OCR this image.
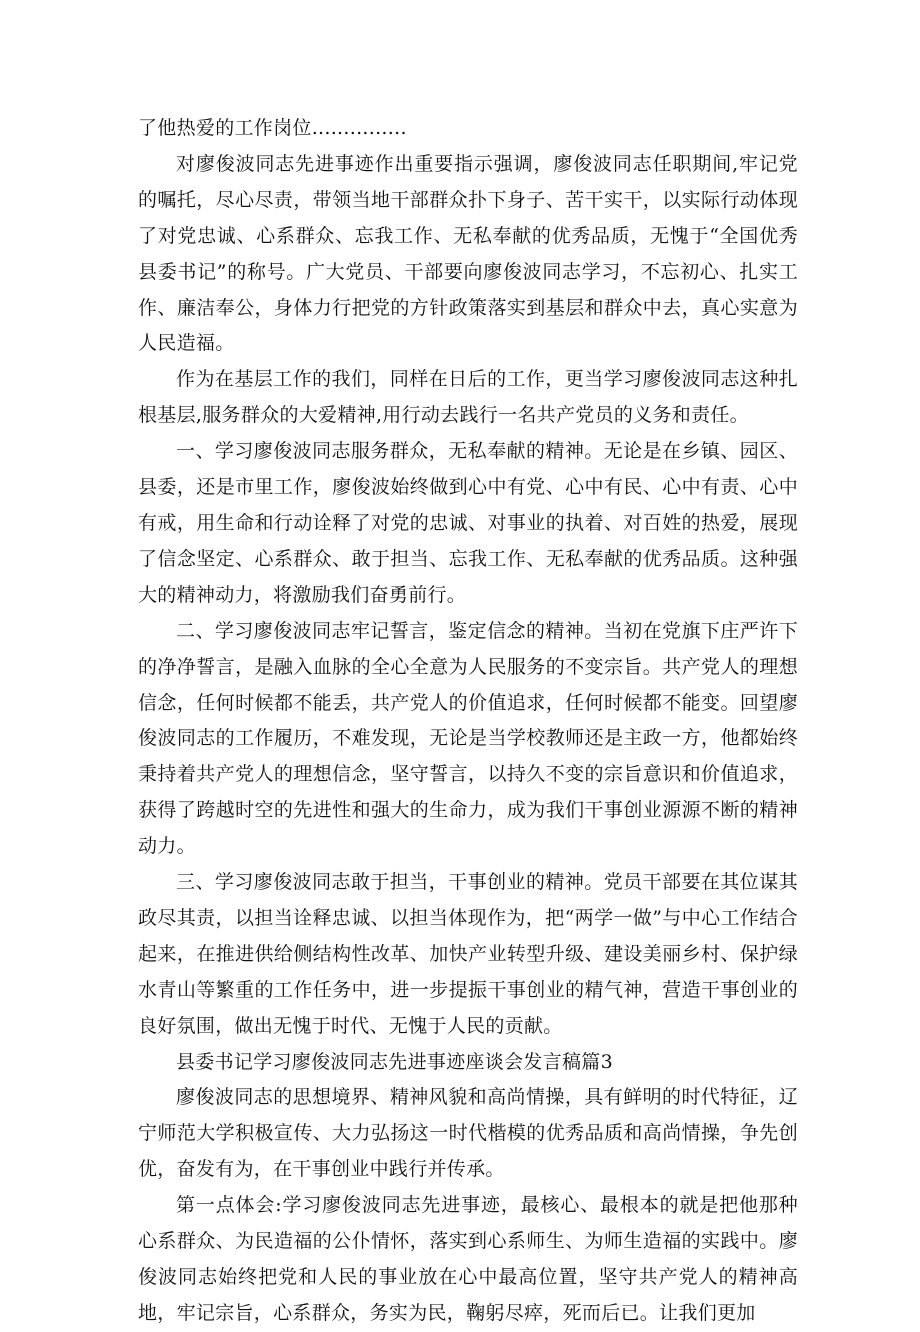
了他热爱的工作岗位...............

对廖俊波同志先进事迹作出重要指示强调，廖俊波同志任职期间,牢记党的嘱托，尽心尽责，带领当地干部群众扑下身子、苦干实干，以实际行动体现了对党忠诚、心系群众、忘我工作、无私奉献的优秀品质，无愧于“全国优秀县委书记”的称号。广大党员、干部要向廖俊波同志学习，不忘初心、扎实工作、廉洁奉公，身体力行把党的方针政策落实到基层和群众中去，真心实意为人民造福。

作为在基层工作的我们，同样在日后的工作，更当学习廖俊波同志这种扎根基层,服务群众的大爱精神,用行动去践行一名共产党员的义务和责任。

一、学习廖俊波同志服务群众，无私奉献的精神。无论是在乡镇、园区、县委，还是市里工作，廖俊波始终做到心中有党、心中有民、心中有责、心中有戒，用生命和行动诠释了对党的忠诚、对事业的执着、对百姓的热爱，展现了信念坚定、心系群众、敢于担当、忘我工作、无私奉献的优秀品质。这种强大的精神动力，将激励我们奋勇前行。

二、学习廖俊波同志牢记誓言，鉴定信念的精神。当初在党旗下庄严许下的净净誓言，是融入血脉的全心全意为人民服务的不变宗旨。共产党人的理想信念，任何时候都不能丢，共产党人的价值追求，任何时候都不能变。回望廖俊波同志的工作履历，不难发现，无论是当学校教师还是主政一方，他都始终秉持着共产党人的理想信念，坚守誓言，以持久不变的宗旨意识和价值追求，获得了跨越时空的先进性和强大的生命力，成为我们干事创业源源不断的精神动力。

三、学习廖俊波同志敢于担当，干事创业的精神。党员干部要在其位谋其政尽其责，以担当诠释忠诚、以担当体现作为，把“两学一做”与中心工作结合起来，在推进供给侧结构性改革、加快产业转型升级、建设美丽乡村、保护绿水青山等繁重的工作任务中，进一步提振干事创业的精气神，营造干事创业的良好氛围，做出无愧于时代、无愧于人民的贡献。

县委书记学习廖俊波同志先进事迹座谈会发言稿篇3

廖俊波同志的思想境界、精神风貌和高尚情操，具有鲜明的时代特征，辽宁师范大学积极宣传、大力弘扬这一时代楷模的优秀品质和高尚情操，争先创优，奋发有为，在干事创业中践行并传承。

第一点体会:学习廖俊波同志先进事迹，最核心、最根本的就是把他那种心系群众、为民造福的公仆情怀，落实到心系师生、为师生造福的实践中。廖俊波同志始终把党和人民的事业放在心中最高位置，坚守共产党人的精神高地，牢记宗旨，心系群众，务实为民，鞠躬尽瘁，死而后已。让我们更加
